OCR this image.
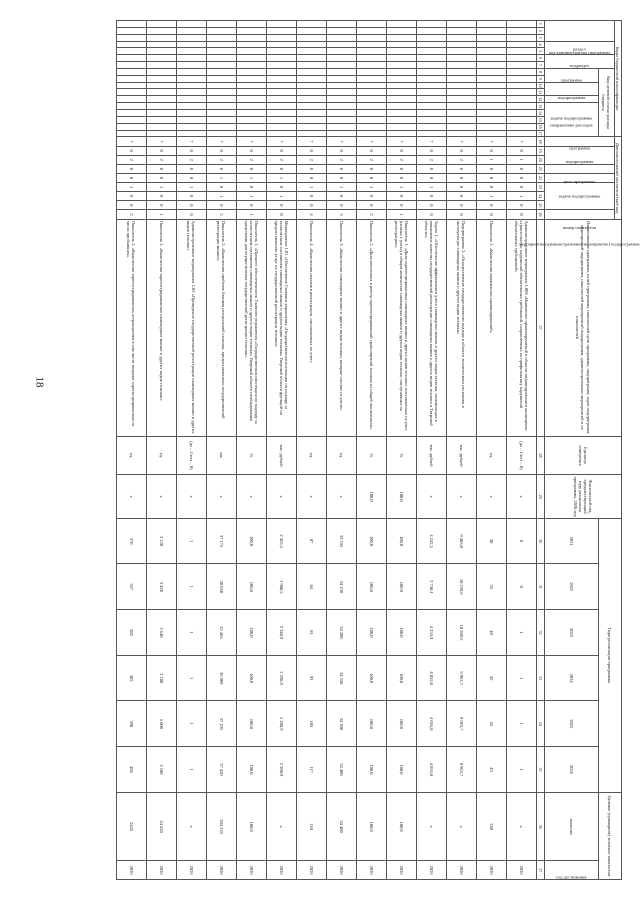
18
Коды бюджетной классификации																	Дополнительный аналитический код									Наименование программы, целей программы, показателей цели программы, подпрограмм, задач подпрограмм, мероприятий подпрограмм, показателей мероприятий подпрограмм, административных мероприятий и их показателей	Единица измерения	Фактический год, предшествующий году реализации программы, 2020 год	Годы реализации программы						Целевое (суммарное) значение показателя	
код администратора программы			раздел		подраздел		Код целевой статьи расхода бюджета										программа	подпрограмма		цель программы	задача подпрограммы	мероприятие (административное мероприятие) подпрограммы			номер показателя											
							программа		подпрограмма		задача подпрограммы	направление расходов																	2021	2022	2023	2024	2025	2026	значение	год достижения
1	2	3	4	5	6	7	8	9	10	11	12	13	14	15	16	17	18	19	20	21	22	23	24	25	26	27	28	29	30	31	32	33	34	35	36	37
																	7	0	1	0	0	0	1	0	0	Административное мероприятие 1.006 «Выявление правонарушений в области индивидуального жилищного строительства, нарушений обязательных требований, направленных на профилактику нарушений обязательных требований»	(да – 1/нет – 0)	х	0	0	1	1	1	1	х	2026
																	7	0	1	0	0	0	1	0	0	Показатель 1. «Количество выявленных правонарушений»	ед.	х	30	35	40	45	45	45	240	2026
																	7	0	2	0	0	0	0	0	0	Подпрограмма 2. «Осуществление государственного надзора в области технического состояния и эксплуатации самоходных машин и других видов техники»	тыс. рублей	х	9 485,0	10 259,6	10 289,6	9 963,7	9 963,7	9 963,7	х	2026
																	7	0	2	0	0	1	0	0	0	Задача 1. «Обеспечение эффективного учета самоходных машин и других видов техники, оптимизация и повышение качества государственной регистрации самоходных машин и других видов техники в Тверской области»	тыс. рублей	х	4 242,5	3 750,4	4 255,9	4 055,8	4 055,8	4 055,8	х	2026
																	7	0	2	0	0	1	0	0	1	Показатель 1. «Доля зарегистрированных самоходных машин и других видов техники, поставленных на учет (снятых с учета) в общем количестве самоходных машин и других видов техники, поступивших на регистрацию»	%	100,0	100,0	100,0	100,0	100,0	100,0	100,0	100,0	2026
																	7	0	2	0	0	1	0	0	2	Показатель 2. «Доля внесенных в реестр зарегистрированной транспортной техники от общей численности»	%	100,0	100,0	100,0	100,0	100,0	100,0	100,0	100,0	2026
																	7	0	2	0	0	1	0	0	3	Показатель 3. «Количество самоходных машин и других видов техники, которые состоят на учете»	ед.	х	33 535	34 150	34 200	34 250	34 300	34 400	34 400	2026
																	7	0	2	0	0	1	0	0	4	Показатель 4. «Количество отказов в регистрации, поставленных на учет»	ед.	х	87	84	81	93	105	117	110	2026
																	7	0	2	0	1	0	1	0	0	Мероприятие 1.01 «Обеспечение Главного управления «Государственная инспекция по надзору за техническим состоянием самоходных машин и других видов техники» Тверской области функций по предоставлению услуг по государственной регистрации техники»	тыс. рублей	х	2 465,5	1 988,5	2 348,9	2 298,9	2 208,9	2 208,9	х	2026
																	7	0	2	0	1	0	1	0	1	Показатель 1. «Процент обеспеченности Главного управления «Государственная инспекция по надзору за техническим состоянием самоходных машин и других видов техники» Тверской области необходимыми средствами для осуществления государственной регистрации техники»	%	х	100,0	100,0	100,0	100,0	100,0	100,0	100,0	2026
																	7	0	2	0	1	0	1	0	2	Показатель 2. «Количество пробегов бланков специальной техники, предоставленных государственной регистрации машин»	шт.	х	37 175	20 050	35 485	36 909	37 195	37 420	204 235	2026
																	7	0	2	0	0	1	0	0	0	Административное мероприятие 1.02 «Проведение государственной регистрации самоходных машин и других видов техники»	(да – 1/нет – 0)	х	1	1	1	1	1	1	х	2026
																	7	0	2	0	0	1	0	0	1	Показатель 1. «Количество зарегистрированных самоходных машин и других видов техники»	ед.	х	3 120	3 420	3 640	3 100	5 000	3 100	24 420	2026
																	7	0	2	0	0	1	0	0	2	Показатель 2. «Количество зарегистрированных аттракционов в том числе впервые зарегистрированных от числа прибывших»	ед.	х	370	357	382	382	398	405	2426	2026
